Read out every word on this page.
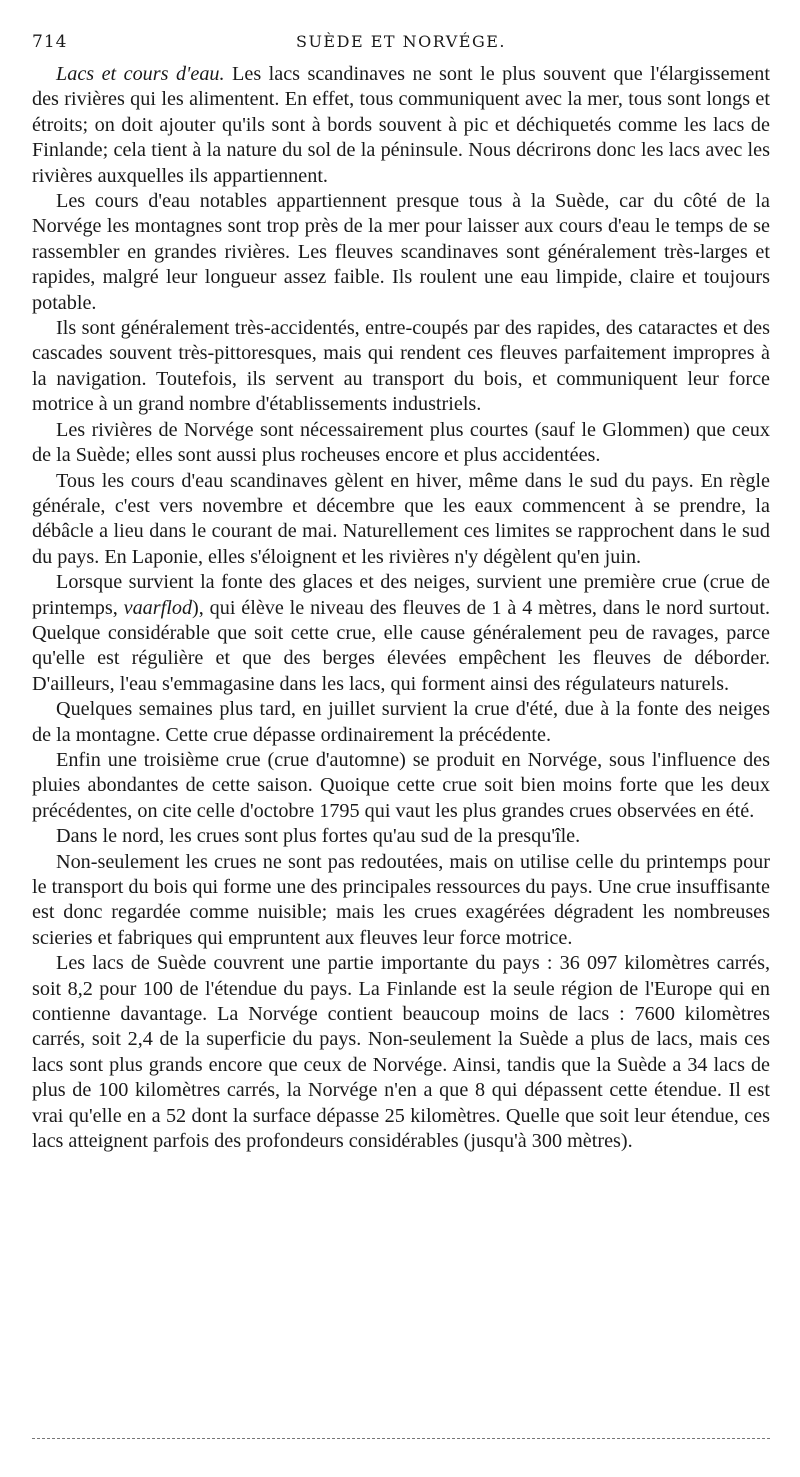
714	SUÈDE ET NORVÉGE.

Lacs et cours d'eau. Les lacs scandinaves ne sont le plus souvent que l'élargissement des rivières qui les alimentent. En effet, tous communiquent avec la mer, tous sont longs et étroits; on doit ajouter qu'ils sont à bords souvent à pic et déchiquetés comme les lacs de Finlande; cela tient à la nature du sol de la péninsule. Nous décrirons donc les lacs avec les rivières auxquelles ils appartiennent.

Les cours d'eau notables appartiennent presque tous à la Suède, car du côté de la Norvége les montagnes sont trop près de la mer pour laisser aux cours d'eau le temps de se rassembler en grandes rivières. Les fleuves scandinaves sont généralement très-larges et rapides, malgré leur longueur assez faible. Ils roulent une eau limpide, claire et toujours potable.

Ils sont généralement très-accidentés, entre-coupés par des rapides, des cataractes et des cascades souvent très-pittoresques, mais qui rendent ces fleuves parfaitement impropres à la navigation. Toutefois, ils servent au transport du bois, et communiquent leur force motrice à un grand nombre d'établissements industriels.

Les rivières de Norvége sont nécessairement plus courtes (sauf le Glommen) que ceux de la Suède; elles sont aussi plus rocheuses encore et plus accidentées.

Tous les cours d'eau scandinaves gèlent en hiver, même dans le sud du pays. En règle générale, c'est vers novembre et décembre que les eaux commencent à se prendre, la débâcle a lieu dans le courant de mai. Naturellement ces limites se rapprochent dans le sud du pays. En Laponie, elles s'éloignent et les rivières n'y dégèlent qu'en juin.

Lorsque survient la fonte des glaces et des neiges, survient une première crue (crue de printemps, vaarflod), qui élève le niveau des fleuves de 1 à 4 mètres, dans le nord surtout. Quelque considérable que soit cette crue, elle cause généralement peu de ravages, parce qu'elle est régulière et que des berges élevées empêchent les fleuves de déborder. D'ailleurs, l'eau s'emmagasine dans les lacs, qui forment ainsi des régulateurs naturels.

Quelques semaines plus tard, en juillet survient la crue d'été, due à la fonte des neiges de la montagne. Cette crue dépasse ordinairement la précédente.

Enfin une troisième crue (crue d'automne) se produit en Norvége, sous l'influence des pluies abondantes de cette saison. Quoique cette crue soit bien moins forte que les deux précédentes, on cite celle d'octobre 1795 qui vaut les plus grandes crues observées en été.

Dans le nord, les crues sont plus fortes qu'au sud de la presqu'île.

Non-seulement les crues ne sont pas redoutées, mais on utilise celle du printemps pour le transport du bois qui forme une des principales ressources du pays. Une crue insuffisante est donc regardée comme nuisible; mais les crues exagérées dégradent les nombreuses scieries et fabriques qui empruntent aux fleuves leur force motrice.

Les lacs de Suède couvrent une partie importante du pays : 36 097 kilomètres carrés, soit 8,2 pour 100 de l'étendue du pays. La Finlande est la seule région de l'Europe qui en contienne davantage. La Norvége contient beaucoup moins de lacs : 7600 kilomètres carrés, soit 2,4 de la superficie du pays. Non-seulement la Suède a plus de lacs, mais ces lacs sont plus grands encore que ceux de Norvége. Ainsi, tandis que la Suède a 34 lacs de plus de 100 kilomètres carrés, la Norvége n'en a que 8 qui dépassent cette étendue. Il est vrai qu'elle en a 52 dont la surface dépasse 25 kilomètres. Quelle que soit leur étendue, ces lacs atteignent parfois des profondeurs considérables (jusqu'à 300 mètres).
